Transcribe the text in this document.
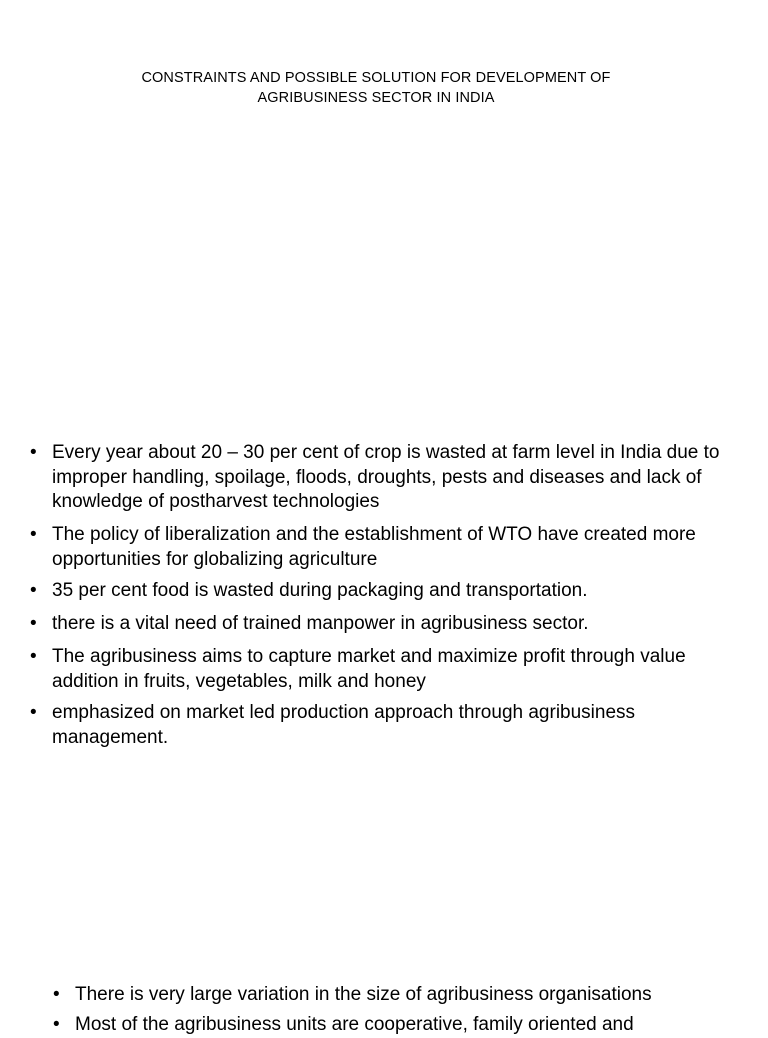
CONSTRAINTS AND POSSIBLE SOLUTION FOR DEVELOPMENT OF
AGRIBUSINESS SECTOR IN INDIA
• Every year about 20 – 30 per cent of crop is wasted at farm level in India due to improper handling, spoilage, floods, droughts, pests and diseases and lack of knowledge of postharvest technologies
• The policy of liberalization and the establishment of WTO have created more opportunities for globalizing agriculture
• 35 per cent food is wasted during packaging and transportation.
• there is a vital need of trained manpower in agribusiness sector.
• The agribusiness aims to capture market and maximize profit through value addition in fruits, vegetables, milk and honey
• emphasized on market led production approach through agribusiness management.
• There is very large variation in the size of agribusiness organisations
• Most of the agribusiness units are cooperative, family oriented and
